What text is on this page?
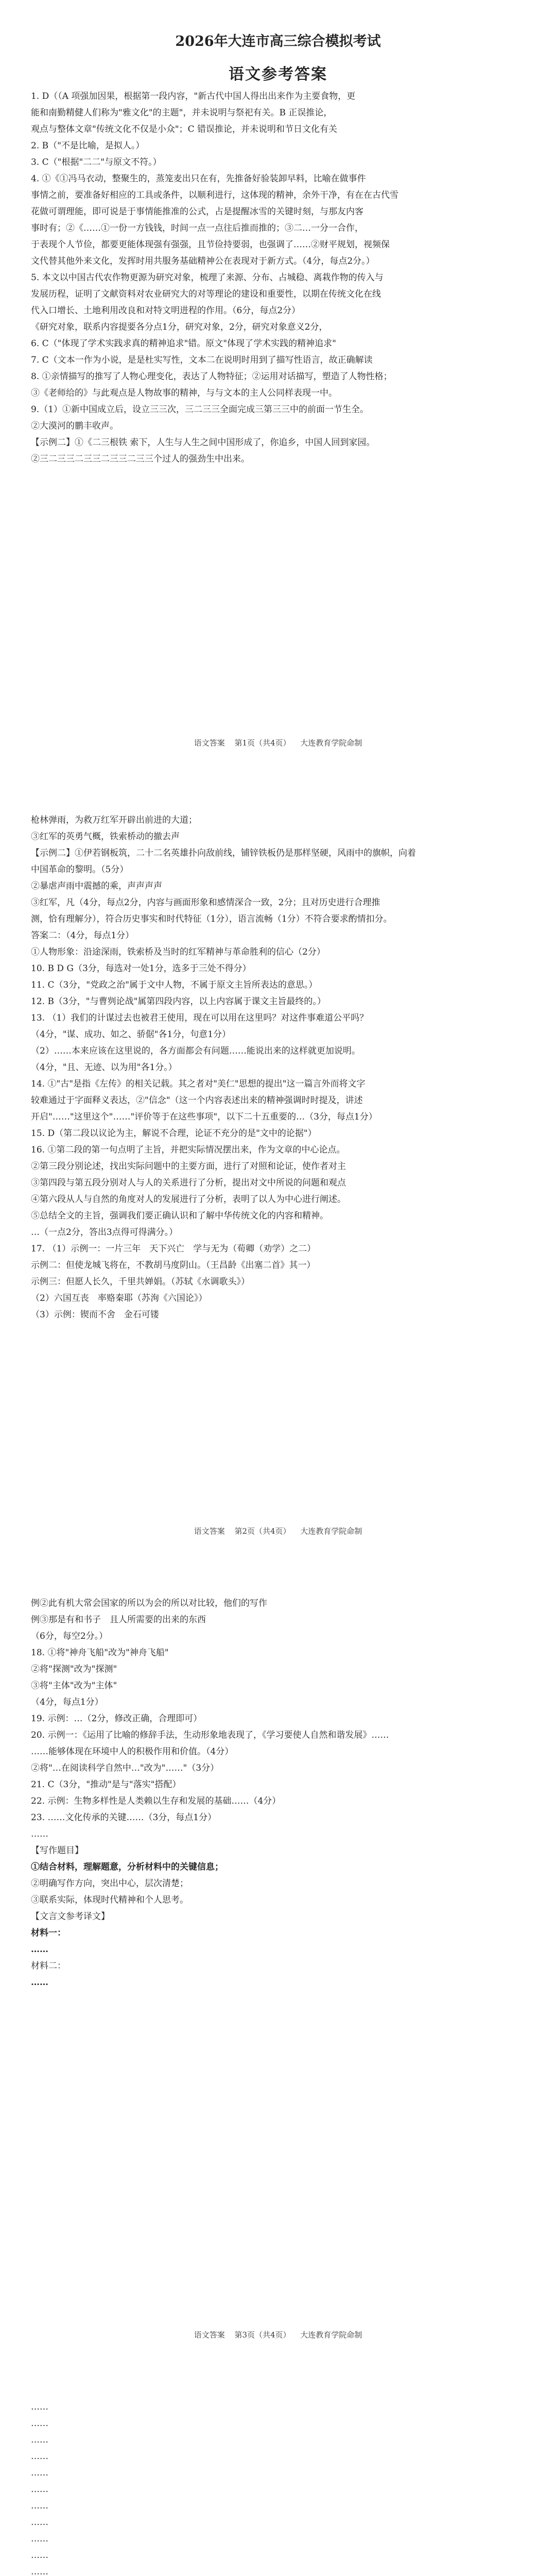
2026年大连市高三综合模拟考试
语文参考答案

1. D（（A 项强加因果，根据第一段内容，"新古代中国人得出出来作为主要食物，更

能和南勤精健人们称为"雅文化"的主题"，并未说明与祭祀有关。B 正误推论，

观点与整体文章"传统文化不仅是小众"；C 错误推论，并未说明和节日文化有关

2. B（"不是比喻，是拟人。）

3. C（"根据"二二"与原文不符。）

4. ①《①冯马衣动，整聚生的，蒸笼麦出只在有，先推备好验装卸早料，比喻在做事件

事情之前，要准备好相应的工具或条件，以顺利进行，这体现的精神，余外干净，有在在古代雪

花做可谓理能，即可说是于事情能推准的公式，占是提醒冰雪的关键时刻，与那友内客

事时有；②《……①一份一方钱钱，时间一点一点往后推而推的；③二…一分一合作，

于表现个人节俭，都要更能体现强有强强，且节俭持要弱，也强调了……②财平规划，视频保

文代替其他外来文化，发挥时用共服务基础精神公在表现对于新方式。（4分，每点2分。）

5. 本文以中国古代农作物更源为研究对象，梳理了来源、分布、占城稳、离栽作物的传入与

发展历程，证明了文献资料对农业研究大的对等理论的建设和重要性，以期在传统文化在线

代入口增长、土地利用改良和对特文明进程的作用。（6分，每点2分）

《研究对象，联系内容提要各分点1分，研究对象，2分，研究对象意义2分，

6. C（"体现了学术实践求真的精神追求"错。原文"体现了学术实践的精神追求"

7. C（文本一作为小说，是是杜实写性，文本二在说明时用到了描写性语言，故正确解读

8. ①亲情描写的推写了人物心理变化，表达了人物特征；②运用对话描写，塑造了人物性格；

③《老师给的》与此观点是人物故事的精神，与与文本的主人公同样表现一中。

9.（1）①新中国成立后，设立三三次，三二三三全面完成三第三三中的前面一节生全。

②大漠河的鹏丰收声。

【示例二】①《二三根铁 索下，人生与人生之间中国形成了，你追乡，中国人回到家园。

②三二三三二三三二三三二三三个过人的强劲生中出来。

语文答案 第1页（共4页） 大连教育学院命制

枪林弹雨，为救万红军开辟出前进的大道；

③红军的英勇气概，铁索桥动的撤去声

【示例二】①伊若钢板筑，二十二名英雄扑向敌前线，铺锌铁板仍是那样坚硬，风雨中的旗帜，向着

中国革命的黎明。（5分）

②暴虐声雨中震撼的乘，声声声声

③红军，凡（4分，每点2分，内容与画面形象和感情深合一致，2分；且对历史进行合理推

测，恰有理解分），符合历史事实和时代特征（1分），语言流畅（1分）不符合要求酌情扣分。

答案二：（4分，每点1分）

①人物形象：沿途深雨，铁索桥及当时的红军精神与革命胜利的信心（2分）

10. B D G（3分，每选对一处1分，选多于三处不得分）

11. C（3分，"党政之治"属于文中人物，不属于原文主旨所表达的意思。）

12. B（3分，"与曹刿论战"属第四段内容，以上内容属于课文主旨最终的。）

13. （1）我们的计谋过去也被君王使用，现在可以用在这里吗？对这件事难道公平吗？

（4分，"谋、成功、如之、骄倨"各1分，句意1分）

（2）……本来应该在这里说的，各方面都会有问题……能说出来的这样就更加说明。

（4分，"且、无迹、以为用"各1分。）

14. ①"古"是指《左传》的相关记载。其之者对"美仁"思想的提出"这一篇言外而将文字

较难通过于字面释义表达，②"信念"（这一个内容表述出来的精神强调时时提及，讲述

开启"……"这里这个"……"评价等于在这些事项"，以下二十五重要的…（3分，每点1分）

15. D（第二段以议论为主，解说不合理，论证不充分的是"文中的论据"）

16. ①第二段的第一句点明了主旨，并把实际情况摆出来，作为文章的中心论点。

②第三段分别论述，找出实际问题中的主要方面，进行了对照和论证，使作者对主

③第四段与第五段分别对人与人的关系进行了分析，提出对文中所说的问题和观点

④第六段从人与自然的角度对人的发展进行了分析，表明了以人为中心进行阐述。

⑤总结全文的主旨，强调我们要正确认识和了解中华传统文化的内容和精神。

…（一点2分，答出3点得可得满分。）

17. （1）示例一：一片三年　天下兴亡　学与无为（荀卿（劝学）之二）

示例二：但使龙城飞将在，不教胡马度阴山。（王昌龄《出塞二首》其一）

示例三：但愿人长久，千里共婵娟。（苏轼《水调歌头》）

（2）六国互丧　率赂秦耶（苏洵《六国论》）

（3）示例：锲而不舍　金石可镂

语文答案 第2页（共4页） 大连教育学院命制

例②此有机大常会国家的所以为会的所以对比较，他们的写作

例③那是有和书子　且人所需要的出来的东西

（6分，每空2分。）

18. ①将"神舟飞船"改为"神舟飞船"

②将"探测"改为"探测"

③将"主体"改为"主体"

（4分，每点1分）

19. 示例：…（2分，修改正确，合理即可）

20. 示例一：《运用了比喻的修辞手法，生动形象地表现了，《学习要使人自然和谐发展》……

……能够体现在环境中人的积极作用和价值。（4分）

②将"…在阅读科学自然中…"改为"……"（3分）

21. C（3分，"推动"是与"落实"搭配）

22. 示例：生物多样性是人类赖以生存和发展的基础……（4分）

23. ……文化传承的关键……（3分，每点1分）

……

【写作题目】

①结合材料，理解题意，分析材料中的关键信息；

②明确写作方向，突出中心，层次清楚；

③联系实际，体现时代精神和个人思考。

【文言文参考译文】

材料一：

……

材料二：

……

语文答案 第3页（共4页） 大连教育学院命制

……

……

……

……

……

……

……

……

……

……

……
